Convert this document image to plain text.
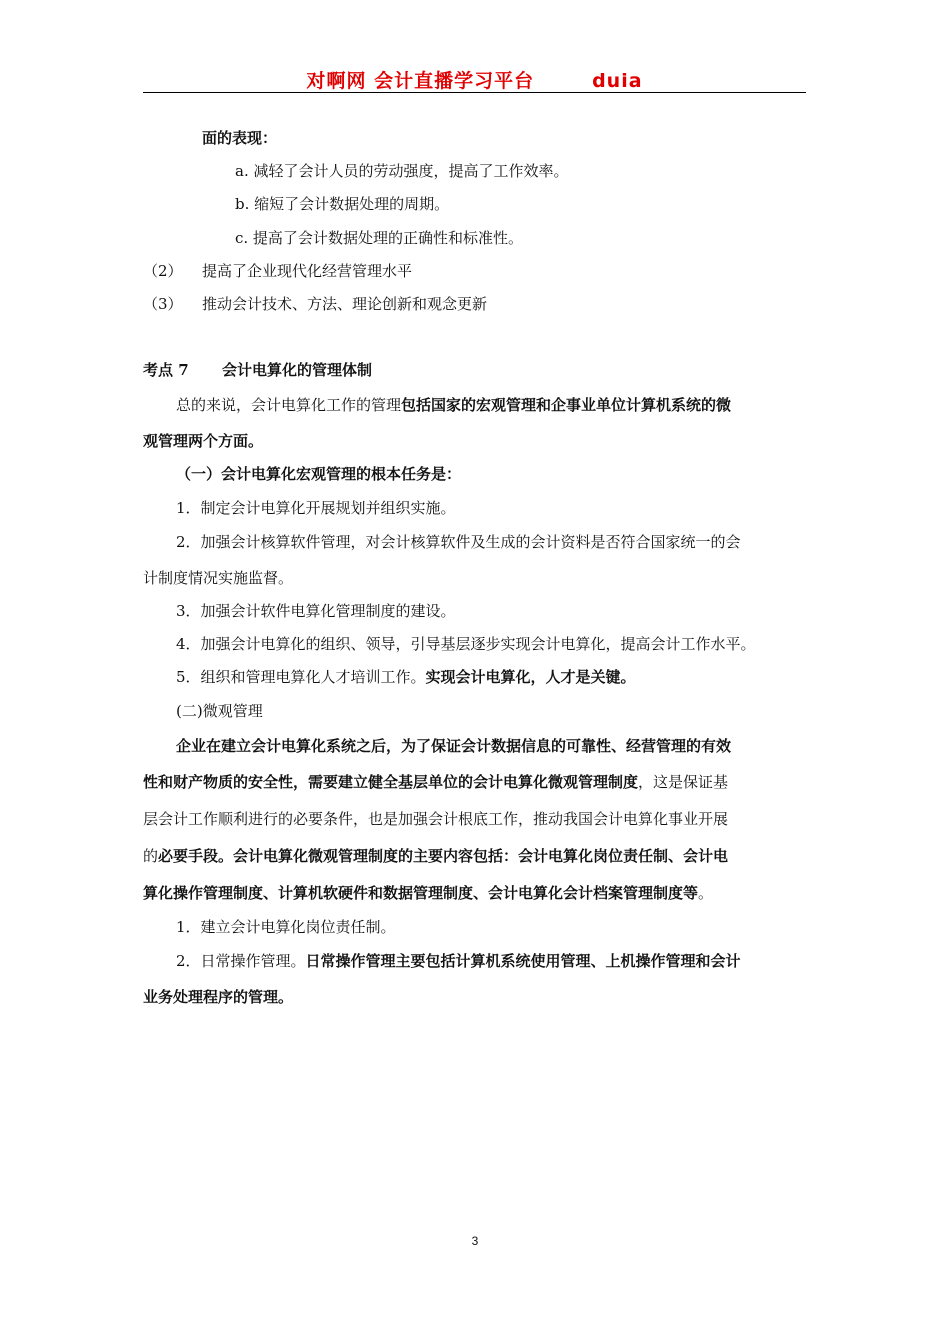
对啊网 会计直播学习平台	duia
面的表现：
a. 减轻了会计人员的劳动强度，提高了工作效率。
b. 缩短了会计数据处理的周期。
c. 提高了会计数据处理的正确性和标准性。
（2） 提高了企业现代化经营管理水平
（3） 推动会计技术、方法、理论创新和观念更新
考点 7 会计电算化的管理体制
总的来说，会计电算化工作的管理包括国家的宏观管理和企事业单位计算机系统的微
观管理两个方面。
（一）会计电算化宏观管理的根本任务是：
1．制定会计电算化开展规划并组织实施。
2．加强会计核算软件管理，对会计核算软件及生成的会计资料是否符合国家统一的会
计制度情况实施监督。
3．加强会计软件电算化管理制度的建设。
4．加强会计电算化的组织、领导，引导基层逐步实现会计电算化，提高会计工作水平。
5．组织和管理电算化人才培训工作。实现会计电算化，人才是关键。
(二)微观管理
企业在建立会计电算化系统之后，为了保证会计数据信息的可靠性、经营管理的有效
性和财产物质的安全性，需要建立健全基层单位的会计电算化微观管理制度，这是保证基
层会计工作顺利进行的必要条件，也是加强会计根底工作，推动我国会计电算化事业开展
的必要手段。会计电算化微观管理制度的主要内容包括：会计电算化岗位责任制、会计电
算化操作管理制度、计算机软硬件和数据管理制度、会计电算化会计档案管理制度等。
1．建立会计电算化岗位责任制。
2．日常操作管理。日常操作管理主要包括计算机系统使用管理、上机操作管理和会计
业务处理程序的管理。
3
